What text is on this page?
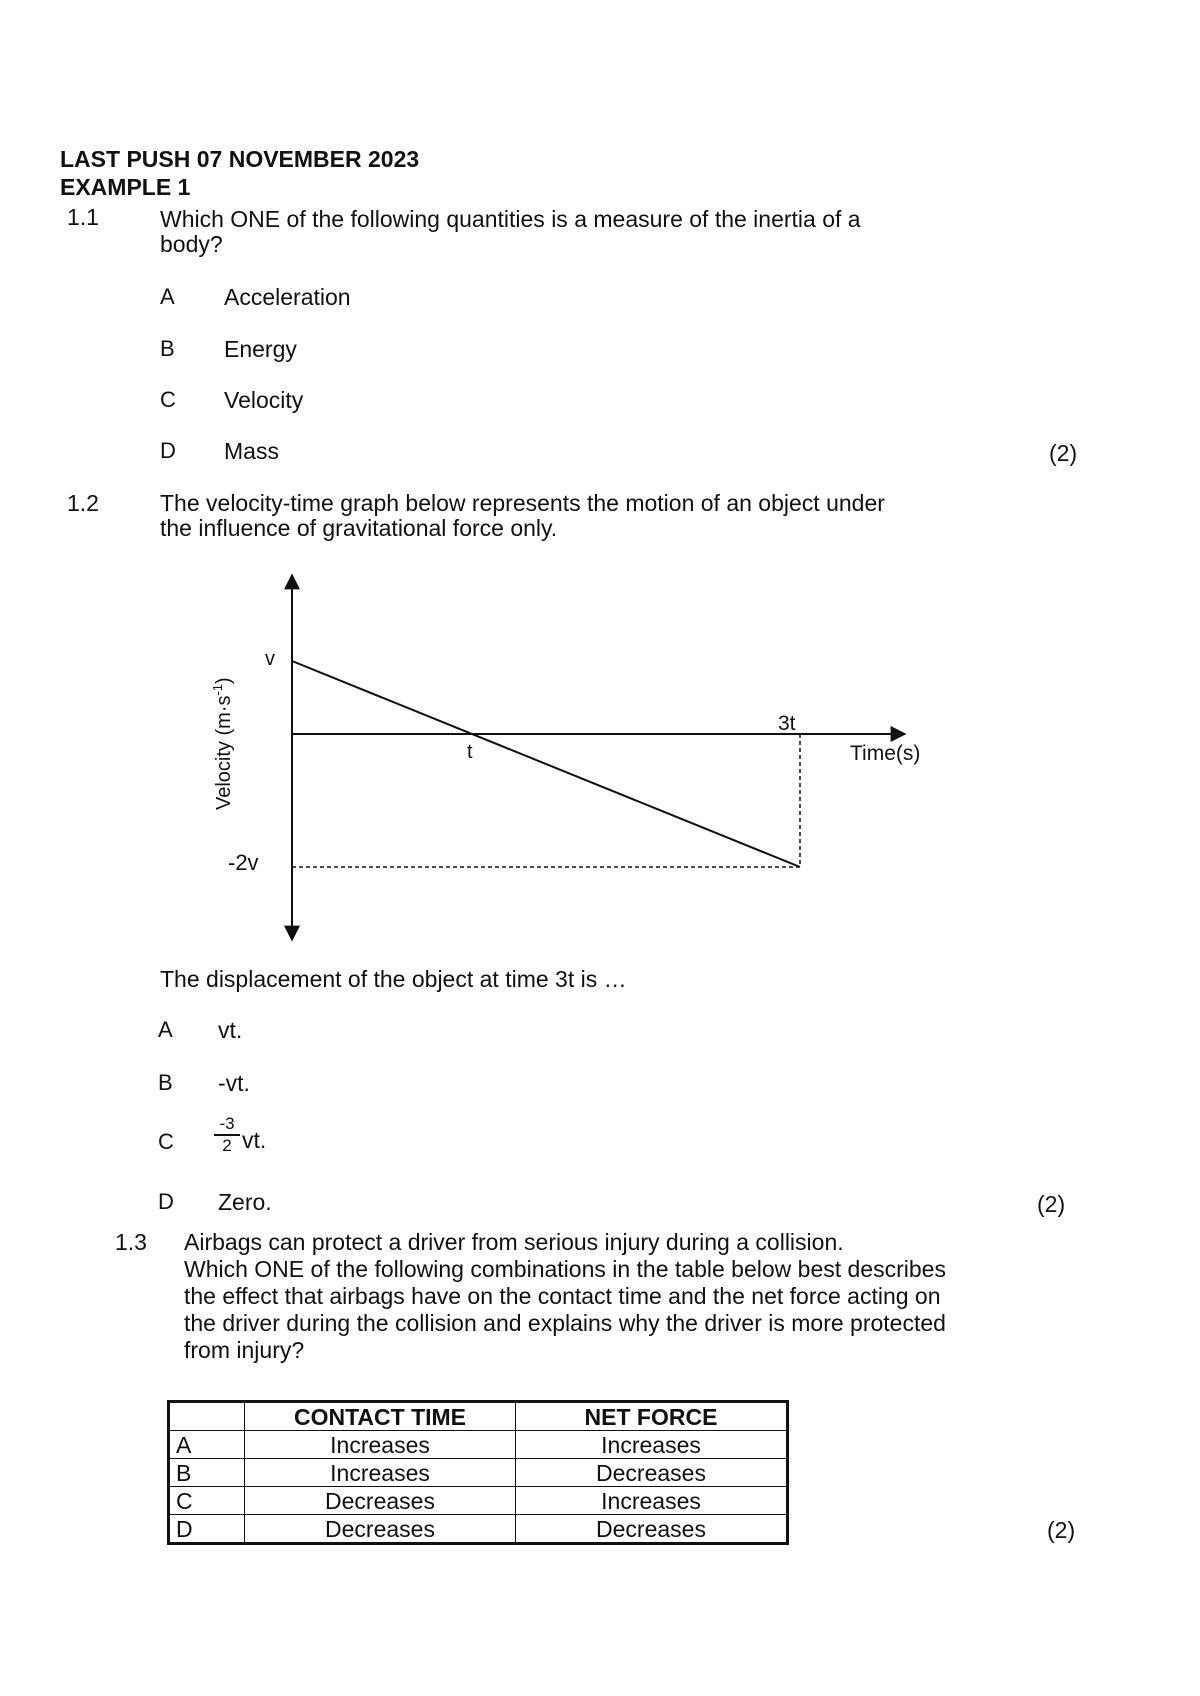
LAST PUSH 07 NOVEMBER 2023
EXAMPLE 1
1.1	Which ONE of the following quantities is a measure of the inertia of a
body?
A Acceleration
B Energy
C Velocity
D Mass	(2)
1.2	The velocity-time graph below represents the motion of an object under
the influence of gravitational force only.
v
-2v
t
3t
Time(s)
Velocity $(m\cdot s^{-1})$
The displacement of the object at time 3t is …
A vt.
B -vt.
C $\frac{-3}{2}$ vt.
D Zero.	(2)
1.3 Airbags can protect a driver from serious injury during a collision.
Which ONE of the following combinations in the table below best describes
the effect that airbags have on the contact time and the net force acting on
the driver during the collision and explains why the driver is more protected
from injury?
	CONTACT TIME	NET FORCE
A	Increases	Increases
B	Increases	Decreases
C	Decreases	Increases
D	Decreases	Decreases	(2)
